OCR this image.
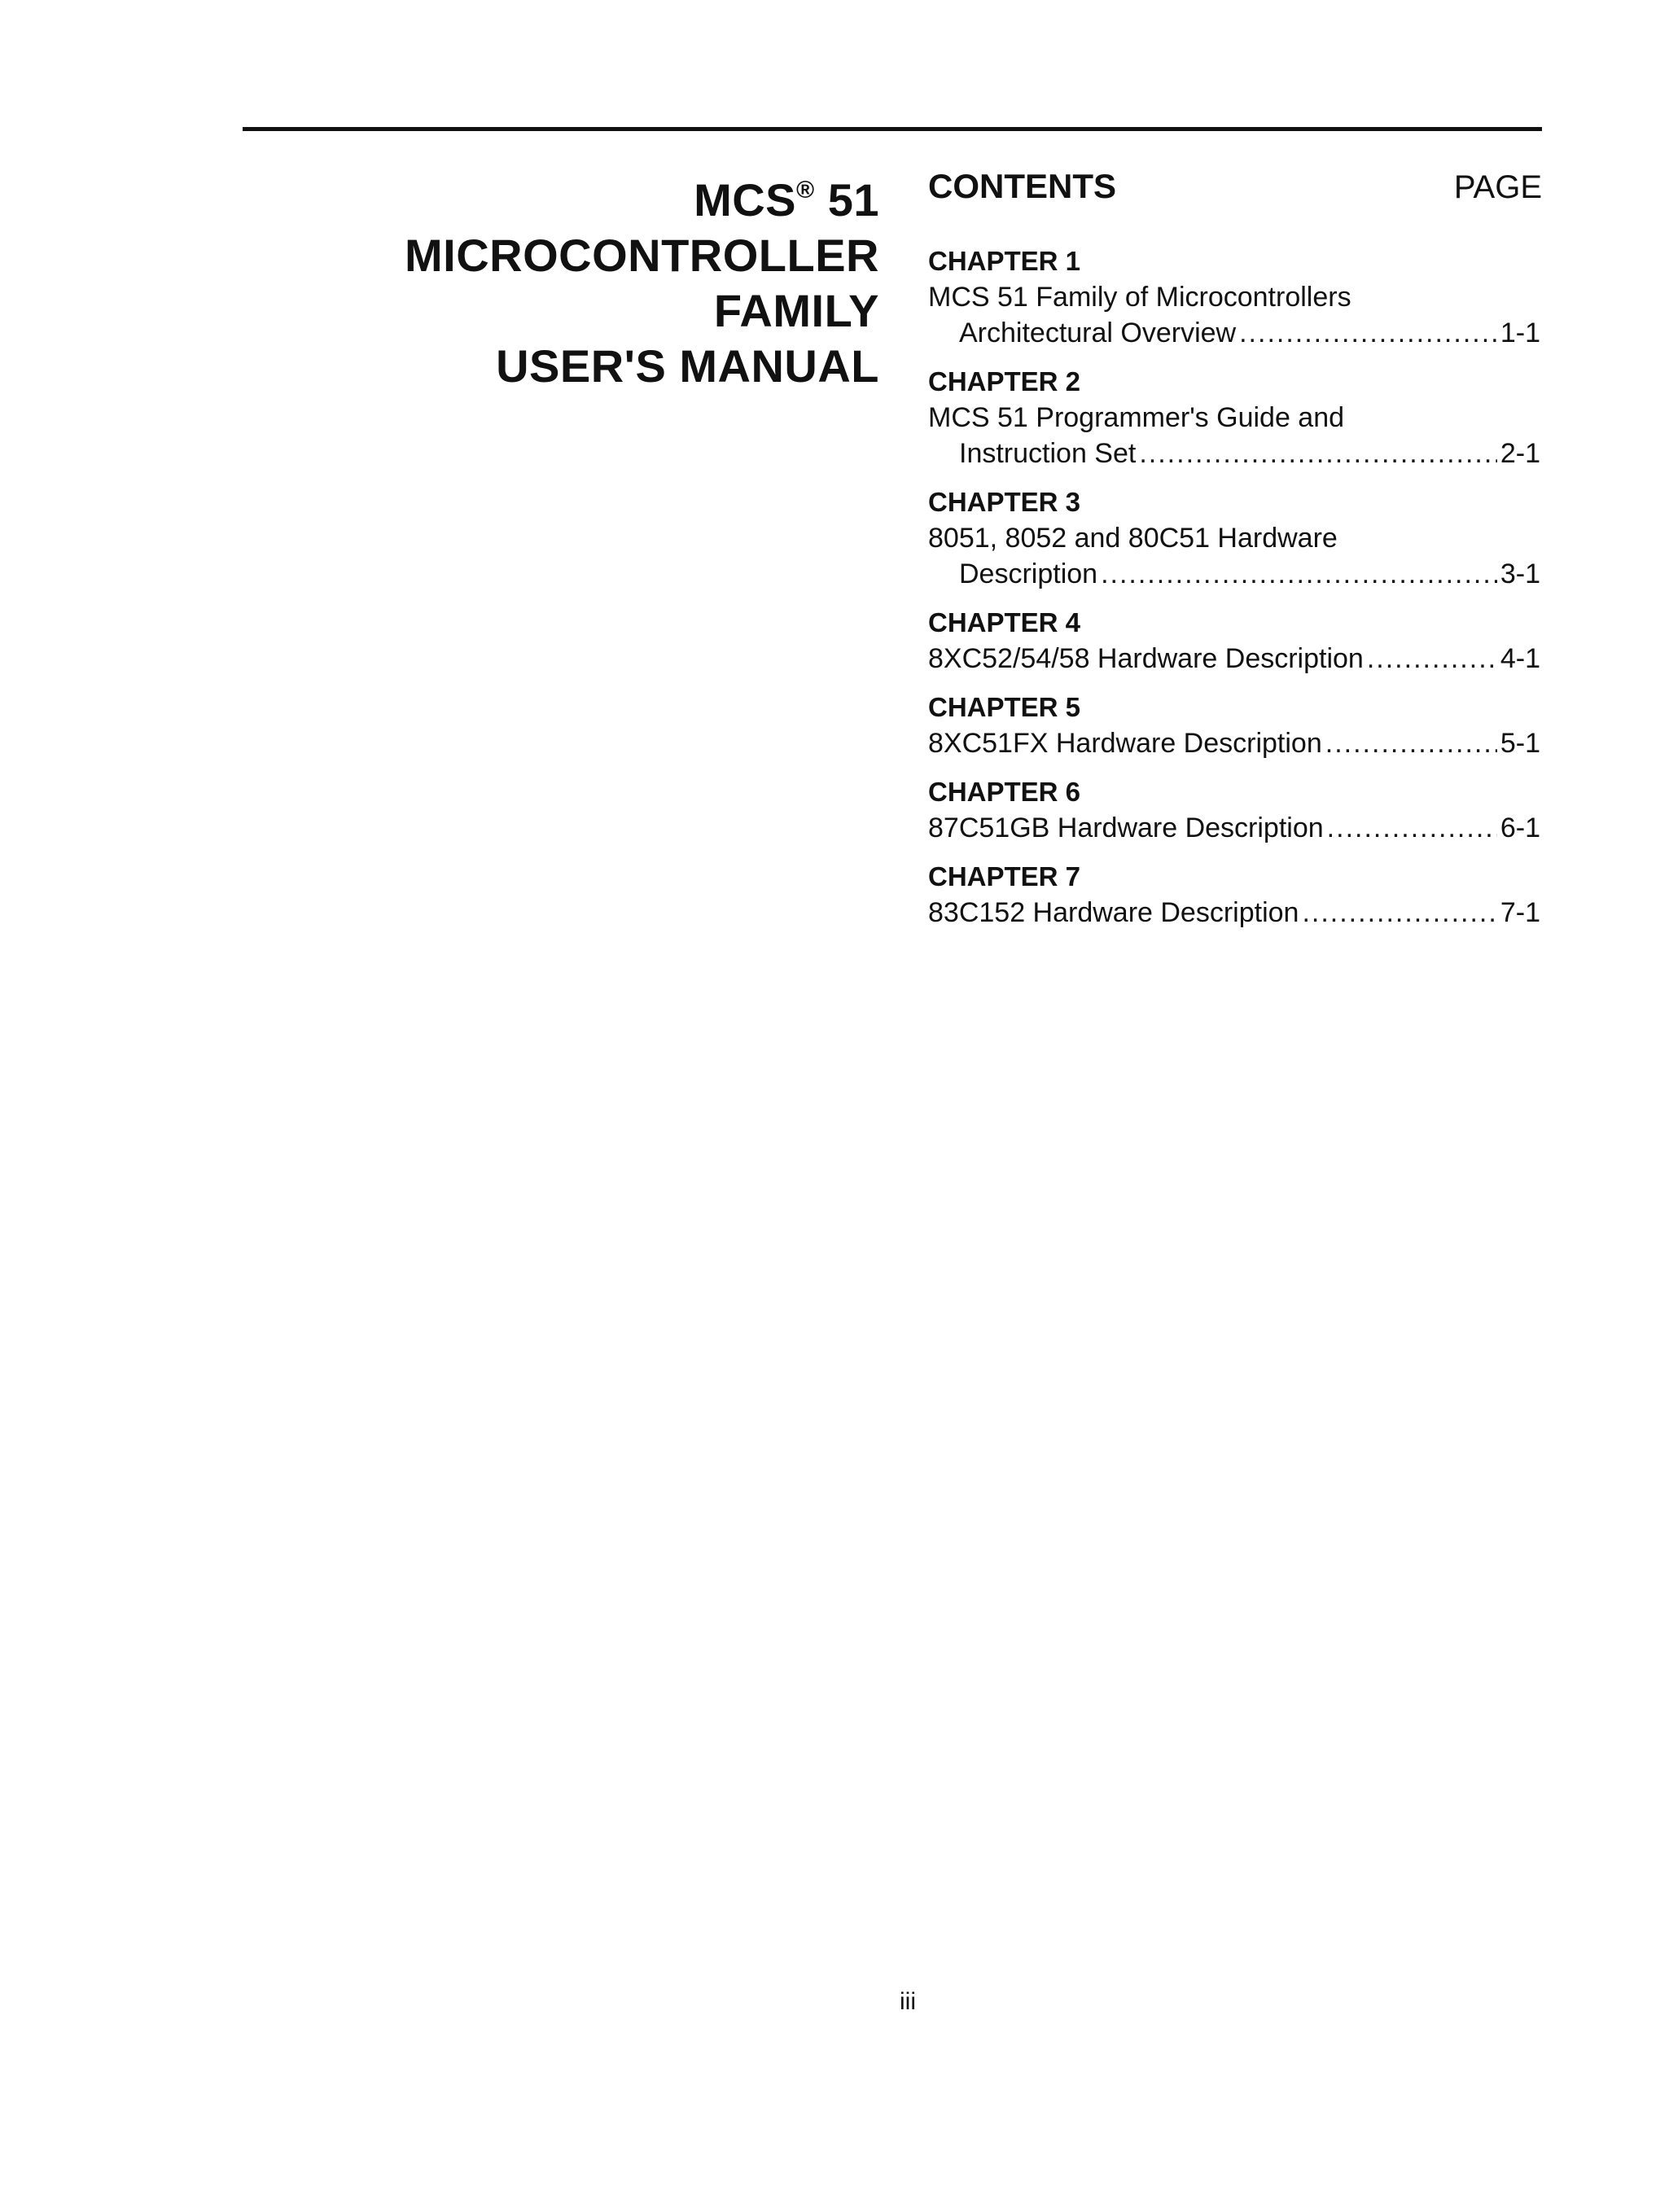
MCS® 51
MICROCONTROLLER
FAMILY
USER'S MANUAL
CONTENTS	PAGE
CHAPTER 1
MCS 51 Family of Microcontrollers
Architectural Overview .....	1-1
CHAPTER 2
MCS 51 Programmer's Guide and
Instruction Set .....	2-1
CHAPTER 3
8051, 8052 and 80C51 Hardware
Description .....	3-1
CHAPTER 4
8XC52/54/58 Hardware Description .....	4-1
CHAPTER 5
8XC51FX Hardware Description .....	5-1
CHAPTER 6
87C51GB Hardware Description .....	6-1
CHAPTER 7
83C152 Hardware Description .....	7-1
iii
